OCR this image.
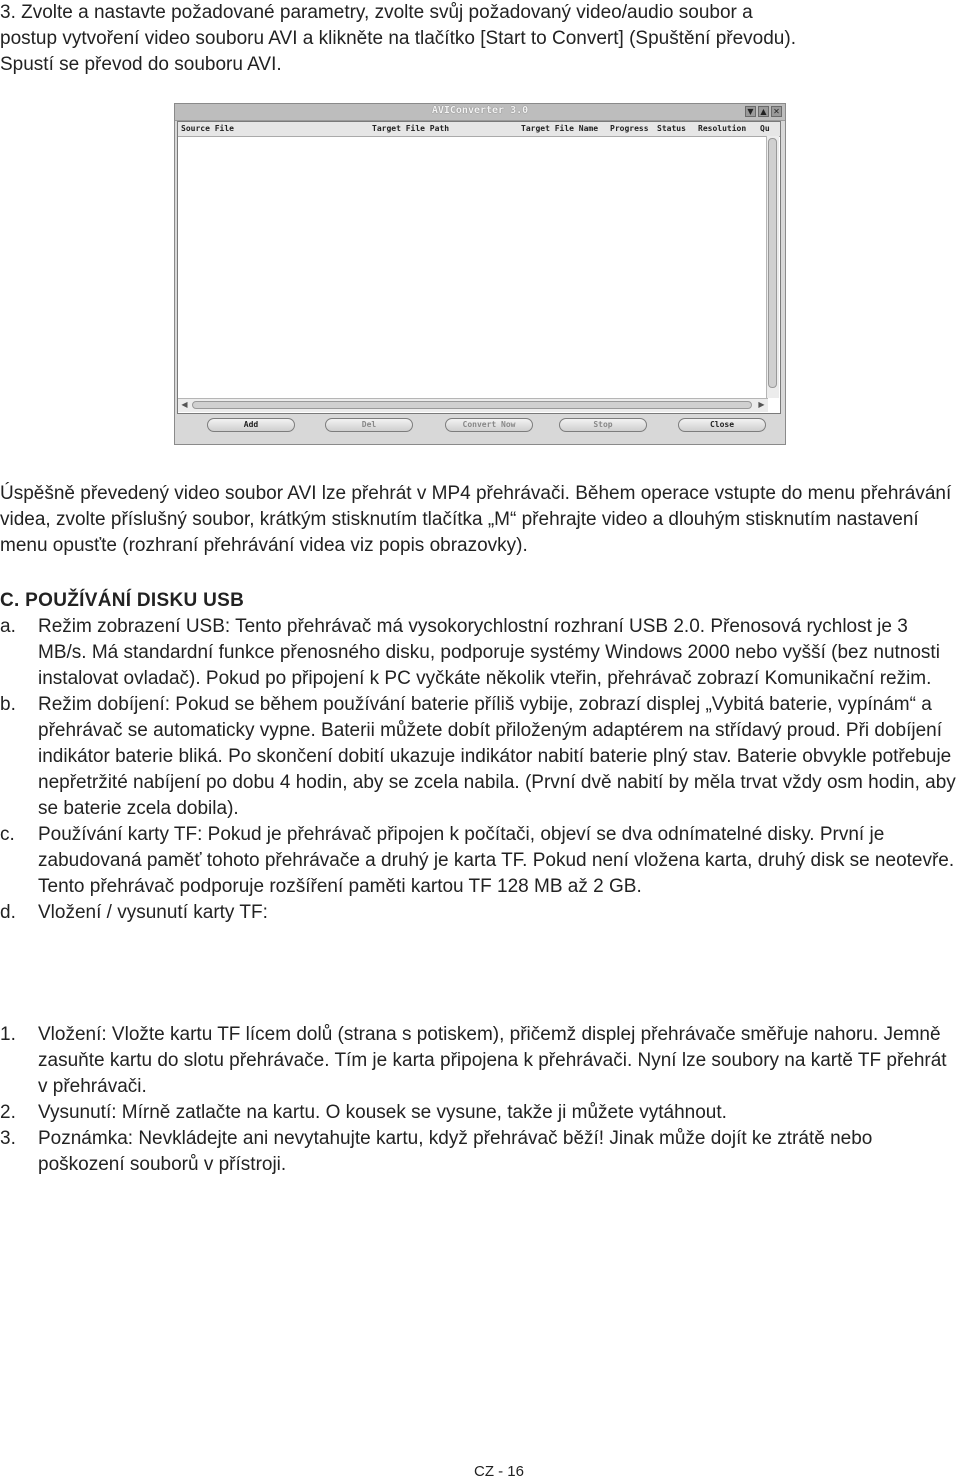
3. Zvolte a nastavte požadované parametry, zvolte svůj požadovaný video/audio soubor a

postup vytvoření video souboru AVI a klikněte na tlačítko [Start to Convert] (Spuštění převodu).

Spustí se převod do souboru AVI.

AVIConverter 3.0	▼ ▲ ✕
Source File	Target File Path	Target File Name Progress Status Resolution Qu
◀	▶
Add	Del	Convert Now	Stop	Close

Úspěšně převedený video soubor AVI lze přehrát v MP4 přehrávači. Během operace vstupte do menu přehrávání videa, zvolte příslušný soubor, krátkým stisknutím tlačítka „M“ přehrajte video a dlouhým stisknutím nastavení menu opusťte (rozhraní přehrávání videa viz popis obrazovky).

C. POUŽÍVÁNÍ DISKU USB

a. Režim zobrazení USB: Tento přehrávač má vysokorychlostní rozhraní USB 2.0. Přenosová rychlost je 3 MB/s. Má standardní funkce přenosného disku, podporuje systémy Windows 2000 nebo vyšší (bez nutnosti instalovat ovladač). Pokud po připojení k PC vyčkáte několik vteřin, přehrávač zobrazí Komunikační režim.

b. Režim dobíjení: Pokud se během používání baterie příliš vybije, zobrazí displej „Vybitá baterie, vypínám“ a přehrávač se automaticky vypne. Baterii můžete dobít přiloženým adaptérem na střídavý proud. Při dobíjení indikátor baterie bliká. Po skončení dobití ukazuje indikátor nabití baterie plný stav. Baterie obvykle potřebuje nepřetržité nabíjení po dobu 4 hodin, aby se zcela nabila. (První dvě nabití by měla trvat vždy osm hodin, aby se baterie zcela dobila).

c. Používání karty TF: Pokud je přehrávač připojen k počítači, objeví se dva odnímatelné disky. První je zabudovaná paměť tohoto přehrávače a druhý je karta TF. Pokud není vložena karta, druhý disk se neotevře. Tento přehrávač podporuje rozšíření paměti kartou TF 128 MB až 2 GB.

d. Vložení / vysunutí karty TF:

1. Vložení: Vložte kartu TF lícem dolů (strana s potiskem), přičemž displej přehrávače směřuje nahoru. Jemně zasuňte kartu do slotu přehrávače. Tím je karta připojena k přehrávači. Nyní lze soubory na kartě TF přehrát v přehrávači.

2. Vysunutí: Mírně zatlačte na kartu. O kousek se vysune, takže ji můžete vytáhnout.

3. Poznámka: Nevkládejte ani nevytahujte kartu, když přehrávač běží! Jinak může dojít ke ztrátě nebo poškození souborů v přístroji.

CZ - 16
